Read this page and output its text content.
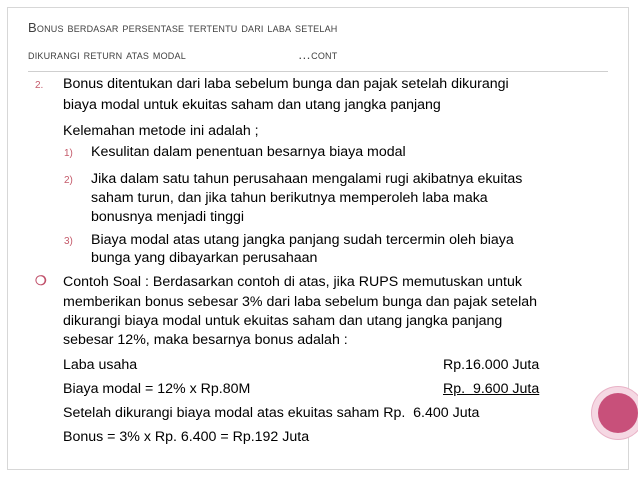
Bonus berdasar persentase tertentu dari laba setelah
dikurangi return atas modal	…cont
2. Bonus ditentukan dari laba sebelum bunga dan pajak setelah dikurangi
biaya modal untuk ekuitas saham dan utang jangka panjang
Kelemahan metode ini adalah ;
1) Kesulitan dalam penentuan besarnya biaya modal
2) Jika dalam satu tahun perusahaan mengalami rugi akibatnya ekuitas
saham turun, dan jika tahun berikutnya memperoleh laba maka
bonusnya menjadi tinggi
3) Biaya modal atas utang jangka panjang sudah tercermin oleh biaya
bunga yang dibayarkan perusahaan
❍ Contoh Soal : Berdasarkan contoh di atas, jika RUPS memutuskan untuk
memberikan bonus sebesar 3% dari laba sebelum bunga dan pajak setelah
dikurangi biaya modal untuk ekuitas saham dan utang jangka panjang
sebesar 12%, maka besarnya bonus adalah :
Laba usaha	Rp.16.000 Juta
Biaya modal = 12% x Rp.80M	Rp.  9.600 Juta
Setelah dikurangi biaya modal atas ekuitas saham Rp.  6.400 Juta
Bonus = 3% x Rp. 6.400 = Rp.192 Juta
